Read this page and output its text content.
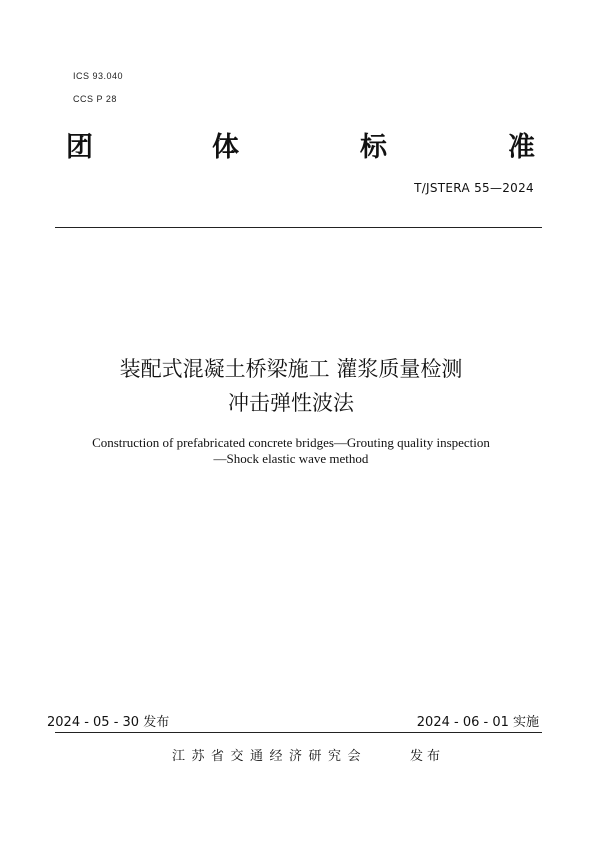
ICS 93.040
CCS P 28
团	体	标	准
T/JSTERA 55—2024
装配式混凝土桥梁施工 灌浆质量检测
冲击弹性波法
Construction of prefabricated concrete bridges—Grouting quality inspection
—Shock elastic wave method
2024 - 05 - 30 发布	2024 - 06 - 01 实施
江苏省交通经济研究会	发布
